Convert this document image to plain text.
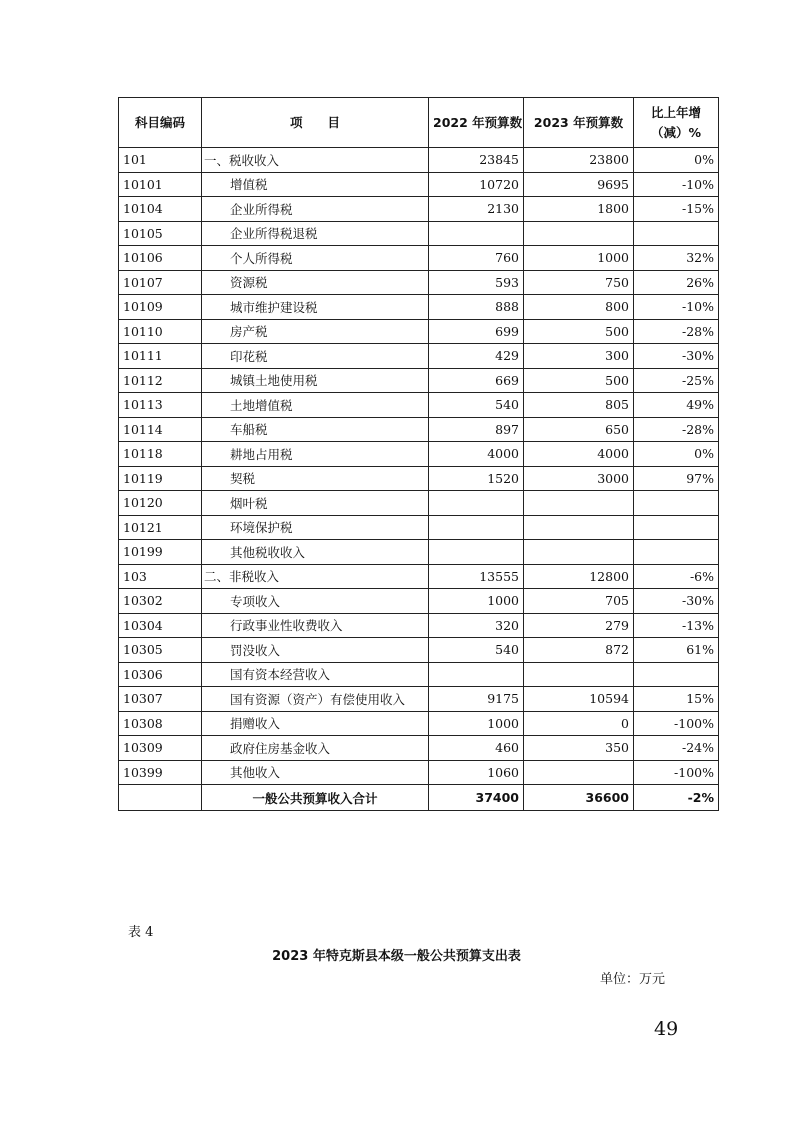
科目编码	项　　目	2022 年预算数	2023 年预算数	比上年增（减）%
101	一、税收收入	23845	23800	0%
10101	增值税	10720	9695	-10%
10104	企业所得税	2130	1800	-15%
10105	企业所得税退税			
10106	个人所得税	760	1000	32%
10107	资源税	593	750	26%
10109	城市维护建设税	888	800	-10%
10110	房产税	699	500	-28%
10111	印花税	429	300	-30%
10112	城镇土地使用税	669	500	-25%
10113	土地增值税	540	805	49%
10114	车船税	897	650	-28%
10118	耕地占用税	4000	4000	0%
10119	契税	1520	3000	97%
10120	烟叶税			
10121	环境保护税			
10199	其他税收收入			
103	二、非税收入	13555	12800	-6%
10302	专项收入	1000	705	-30%
10304	行政事业性收费收入	320	279	-13%
10305	罚没收入	540	872	61%
10306	国有资本经营收入			
10307	国有资源（资产）有偿使用收入	9175	10594	15%
10308	捐赠收入	1000	0	-100%
10309	政府住房基金收入	460	350	-24%
10399	其他收入	1060		-100%
	一般公共预算收入合计	37400	36600	-2%
表 4
2023 年特克斯县本级一般公共预算支出表
单位：万元
49
